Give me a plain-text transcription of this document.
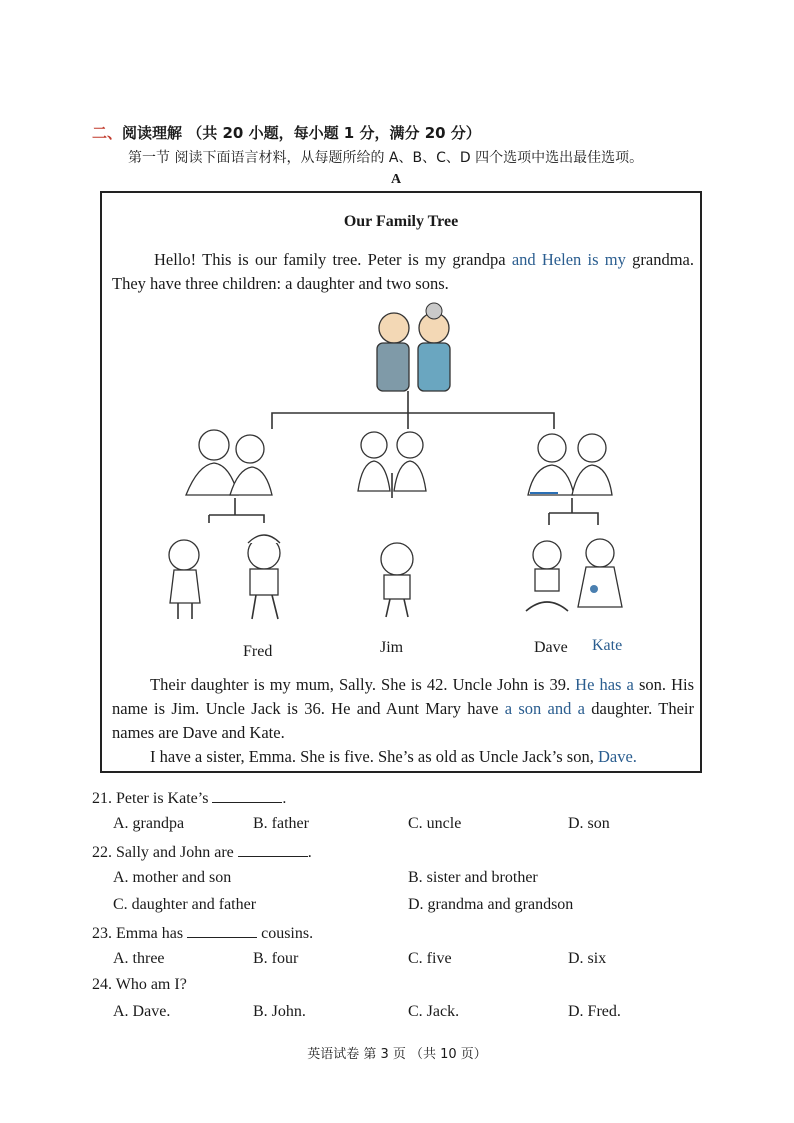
二、阅读理解 （共 20 小题，每小题 1 分，满分 20 分）
第一节 阅读下面语言材料，从每题所给的 A、B、C、D 四个选项中选出最佳选项。
A
Our Family Tree
Hello! This is our family tree. Peter is my grandpa and Helen is my grandma. They have three children: a daughter and two sons.
Fred	Jim	Dave Kate
Their daughter is my mum, Sally. She is 42. Uncle John is 39. He has a son. His name is Jim. Uncle Jack is 36. He and Aunt Mary have a son and a daughter. Their names are Dave and Kate.
I have a sister, Emma. She is five. She’s as old as Uncle Jack’s son, Dave.
21. Peter is Kate’s	.
A. grandpa	B. father	C. uncle	D. son
22. Sally and John are	.
A. mother and son	B. sister and brother
C. daughter and father	D. grandma and grandson
23. Emma has	cousins.
A. three	B. four	C. five	D. six
24. Who am I?
A. Dave.	B. John.	C. Jack.	D. Fred.
英语试卷 第 3 页 （共 10 页）
